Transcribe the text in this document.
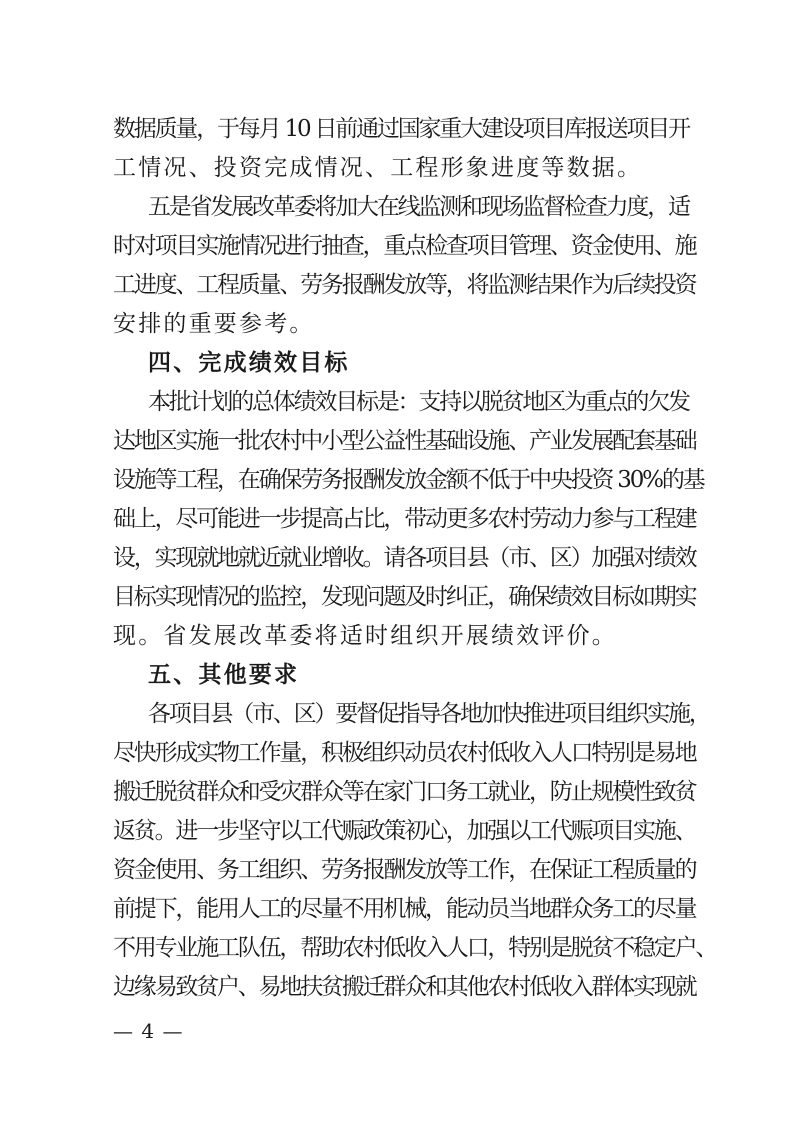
数据质量，于每月 10 日前通过国家重大建设项目库报送项目开
工情况、投资完成情况、工程形象进度等数据。
五是省发展改革委将加大在线监测和现场监督检查力度，适
时对项目实施情况进行抽查，重点检查项目管理、资金使用、施
工进度、工程质量、劳务报酬发放等，将监测结果作为后续投资
安排的重要参考。
四、完成绩效目标
本批计划的总体绩效目标是：支持以脱贫地区为重点的欠发
达地区实施一批农村中小型公益性基础设施、产业发展配套基础
设施等工程，在确保劳务报酬发放金额不低于中央投资 30%的基
础上，尽可能进一步提高占比，带动更多农村劳动力参与工程建
设，实现就地就近就业增收。请各项目县（市、区）加强对绩效
目标实现情况的监控，发现问题及时纠正，确保绩效目标如期实
现。省发展改革委将适时组织开展绩效评价。
五、其他要求
各项目县（市、区）要督促指导各地加快推进项目组织实施，
尽快形成实物工作量，积极组织动员农村低收入人口特别是易地
搬迁脱贫群众和受灾群众等在家门口务工就业，防止规模性致贫
返贫。进一步坚守以工代赈政策初心，加强以工代赈项目实施、
资金使用、务工组织、劳务报酬发放等工作，在保证工程质量的
前提下，能用人工的尽量不用机械，能动员当地群众务工的尽量
不用专业施工队伍，帮助农村低收入人口，特别是脱贫不稳定户、
边缘易致贫户、易地扶贫搬迁群众和其他农村低收入群体实现就
— 4 —
